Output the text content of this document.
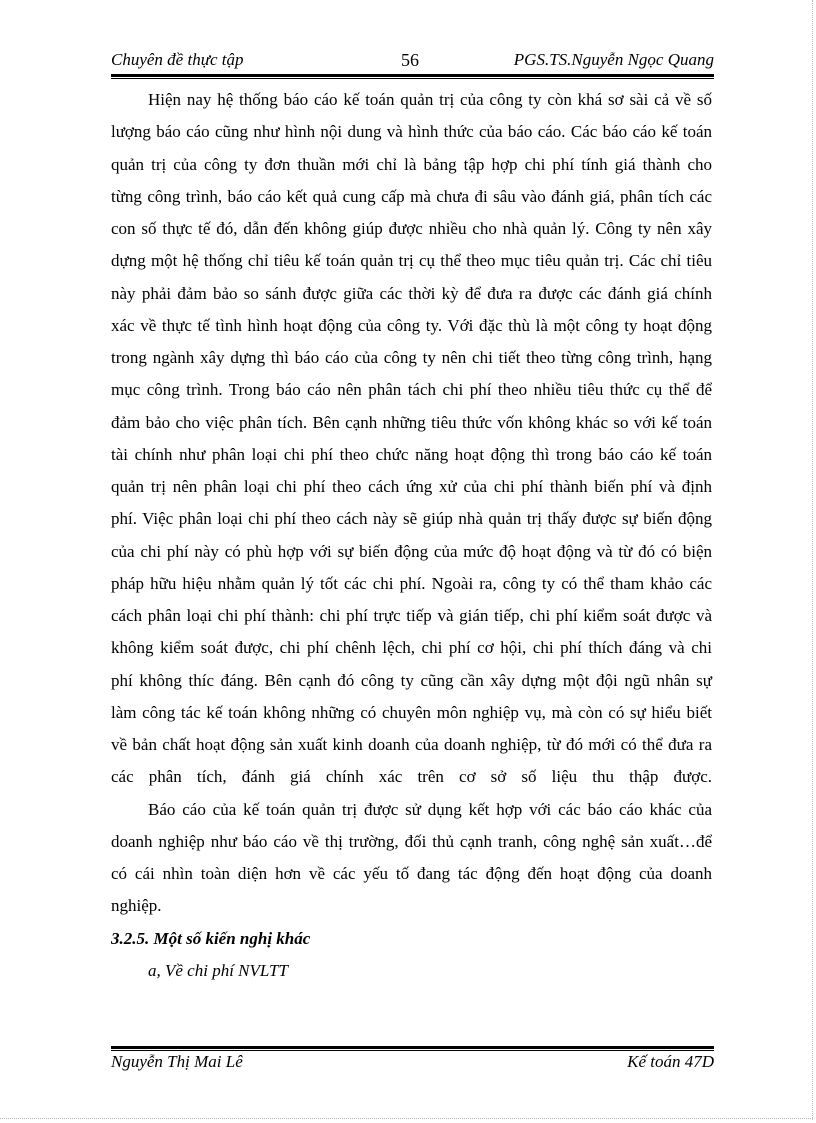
Chuyên đề thực tập	56	PGS.TS.Nguyễn Ngọc Quang
Hiện nay hệ thống báo cáo kế toán quản trị của công ty còn khá sơ sài cả về số
lượng báo cáo cũng như hình nội dung và hình thức của báo cáo. Các báo cáo kế toán
quản trị của công ty đơn thuần mới chỉ là bảng tập hợp chi phí tính giá thành cho
từng công trình, báo cáo kết quả cung cấp mà chưa đi sâu vào đánh giá, phân tích các
con số thực tế đó, dẫn đến không giúp được nhiều cho nhà quản lý. Công ty nên xây
dựng một hệ thống chỉ tiêu kế toán quản trị cụ thể theo mục tiêu quản trị. Các chỉ tiêu
này phải đảm bảo so sánh được giữa các thời kỳ để đưa ra được các đánh giá chính
xác về thực tế tình hình hoạt động của công ty. Với đặc thù là một công ty hoạt động
trong ngành xây dựng thì báo cáo của công ty nên chi tiết theo từng công trình, hạng
mục công trình. Trong báo cáo nên phân tách chi phí theo nhiều tiêu thức cụ thể để
đảm bảo cho việc phân tích. Bên cạnh những tiêu thức vốn không khác so với kế toán
tài chính như phân loại chi phí theo chức năng hoạt động thì trong báo cáo kế toán
quản trị nên phân loại chi phí theo cách ứng xử của chi phí thành biến phí và định
phí. Việc phân loại chi phí theo cách này sẽ giúp nhà quản trị thấy được sự biến động
của chi phí này có phù hợp với sự biến động của mức độ hoạt động và từ đó có biện
pháp hữu hiệu nhằm quản lý tốt các chi phí. Ngoài ra, công ty có thể tham khảo các
cách phân loại chi phí thành: chi phí trực tiếp và gián tiếp, chi phí kiểm soát được và
không kiểm soát được, chi phí chênh lệch, chi phí cơ hội, chi phí thích đáng và chi
phí không thíc đáng. Bên cạnh đó công ty cũng cần xây dựng một đội ngũ nhân sự
làm công tác kế toán không những có chuyên môn nghiệp vụ, mà còn có sự hiểu biết
về bản chất hoạt động sản xuất kinh doanh của doanh nghiệp, từ đó mới có thể đưa ra
các phân tích, đánh giá chính xác trên cơ sở số liệu thu thập được.
Báo cáo của kế toán quản trị được sử dụng kết hợp với các báo cáo khác của
doanh nghiệp như báo cáo về thị trường, đối thủ cạnh tranh, công nghệ sản xuất…để
có cái nhìn toàn diện hơn về các yếu tố đang tác động đến hoạt động của doanh
nghiệp.
3.2.5. Một số kiến nghị khác
a, Về chi phí NVLTT
Nguyễn Thị Mai Lê	Kế toán 47D
